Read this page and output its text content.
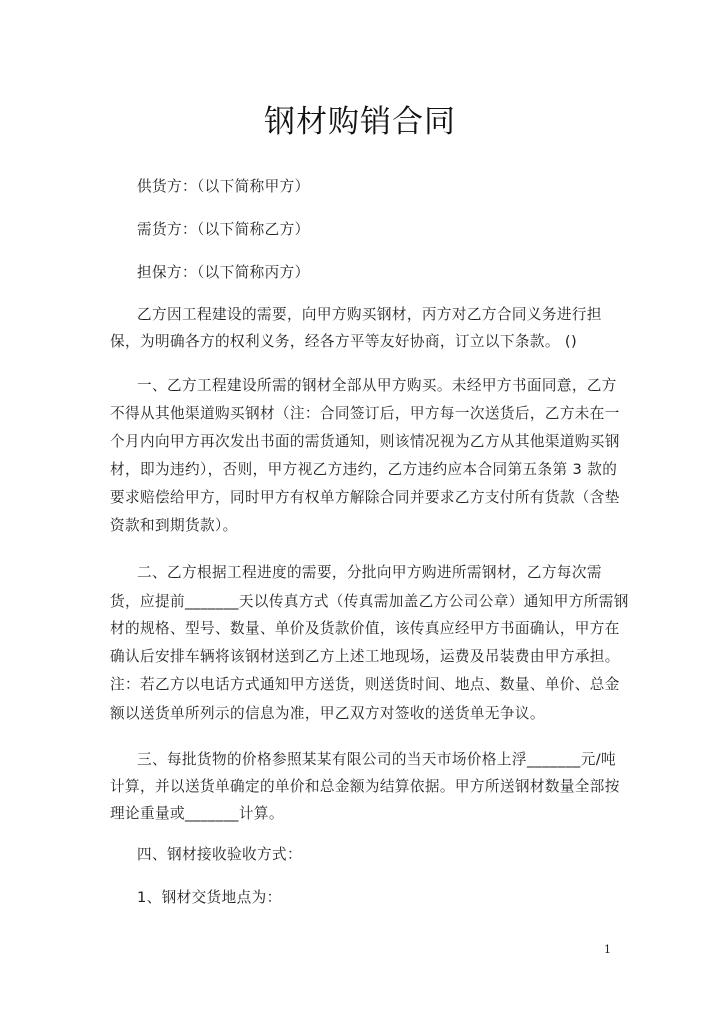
钢材购销合同
供货方：（以下简称甲方）
需货方：（以下简称乙方）
担保方：（以下简称丙方）
乙方因工程建设的需要，向甲方购买钢材，丙方对乙方合同义务进行担
保，为明确各方的权利义务，经各方平等友好协商，订立以下条款。 ()
一、乙方工程建设所需的钢材全部从甲方购买。未经甲方书面同意，乙方
不得从其他渠道购买钢材（注：合同签订后，甲方每一次送货后，乙方未在一
个月内向甲方再次发出书面的需货通知，则该情况视为乙方从其他渠道购买钢
材，即为违约），否则，甲方视乙方违约，乙方违约应本合同第五条第 3 款的
要求赔偿给甲方，同时甲方有权单方解除合同并要求乙方支付所有货款（含垫
资款和到期货款）。
二、乙方根据工程进度的需要，分批向甲方购进所需钢材，乙方每次需
货，应提前_______天以传真方式（传真需加盖乙方公司公章）通知甲方所需钢
材的规格、型号、数量、单价及货款价值，该传真应经甲方书面确认，甲方在
确认后安排车辆将该钢材送到乙方上述工地现场，运费及吊装费由甲方承担。
注：若乙方以电话方式通知甲方送货，则送货时间、地点、数量、单价、总金
额以送货单所列示的信息为准，甲乙双方对签收的送货单无争议。
三、每批货物的价格参照某某有限公司的当天市场价格上浮_______元/吨
计算，并以送货单确定的单价和总金额为结算依据。甲方所送钢材数量全部按
理论重量或_______计算。
四、钢材接收验收方式：
1、钢材交货地点为：
1
